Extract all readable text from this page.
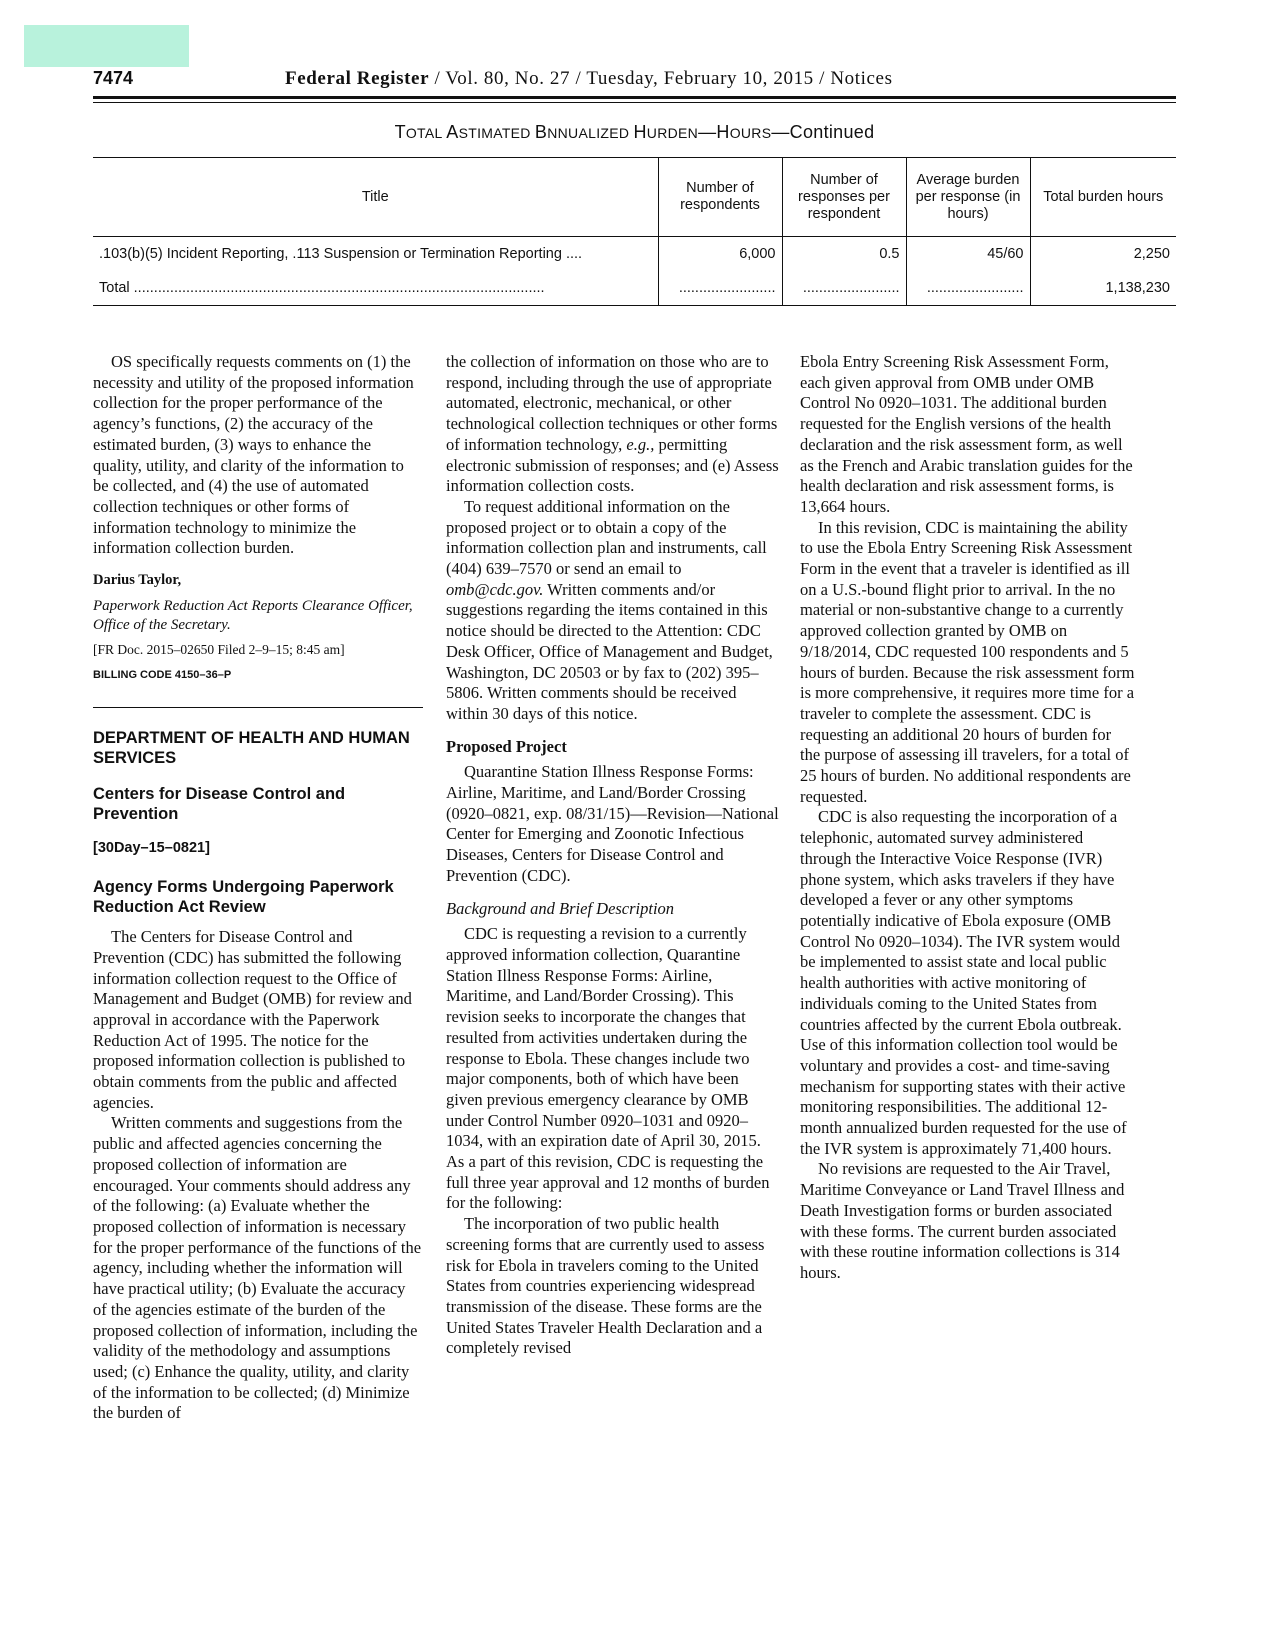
7474	Federal Register / Vol. 80, No. 27 / Tuesday, February 10, 2015 / Notices
TOTAL ASTIMATED BNNUALIZED HURDEN—HOURS—Continued
Title	Number of respondents	Number of responses per respondent	Average burden per response (in hours)	Total burden hours
.103(b)(5) Incident Reporting, .113 Suspension or Termination Reporting ....	6,000	0.5	45/60	2,250
Total ......................................................................................................	........................	........................	........................	1,138,230

OS specifically requests comments on (1) the necessity and utility of the proposed information collection for the proper performance of the agency’s functions, (2) the accuracy of the estimated burden, (3) ways to enhance the quality, utility, and clarity of the information to be collected, and (4) the use of automated collection techniques or other forms of information technology to minimize the information collection burden.

Darius Taylor,
Paperwork Reduction Act Reports Clearance Officer, Office of the Secretary.
[FR Doc. 2015–02650 Filed 2–9–15; 8:45 am]
BILLING CODE 4150–36–P
DEPARTMENT OF HEALTH AND HUMAN SERVICES
Centers for Disease Control and Prevention
[30Day–15–0821]
Agency Forms Undergoing Paperwork Reduction Act Review

The Centers for Disease Control and Prevention (CDC) has submitted the following information collection request to the Office of Management and Budget (OMB) for review and approval in accordance with the Paperwork Reduction Act of 1995. The notice for the proposed information collection is published to obtain comments from the public and affected agencies.

Written comments and suggestions from the public and affected agencies concerning the proposed collection of information are encouraged. Your comments should address any of the following: (a) Evaluate whether the proposed collection of information is necessary for the proper performance of the functions of the agency, including whether the information will have practical utility; (b) Evaluate the accuracy of the agencies estimate of the burden of the proposed collection of information, including the validity of the methodology and assumptions used; (c) Enhance the quality, utility, and clarity of the information to be collected; (d) Minimize the burden of

the collection of information on those who are to respond, including through the use of appropriate automated, electronic, mechanical, or other technological collection techniques or other forms of information technology, e.g., permitting electronic submission of responses; and (e) Assess information collection costs.

To request additional information on the proposed project or to obtain a copy of the information collection plan and instruments, call (404) 639–7570 or send an email to omb@cdc.gov. Written comments and/or suggestions regarding the items contained in this notice should be directed to the Attention: CDC Desk Officer, Office of Management and Budget, Washington, DC 20503 or by fax to (202) 395–5806. Written comments should be received within 30 days of this notice.

Proposed Project

Quarantine Station Illness Response Forms: Airline, Maritime, and Land/Border Crossing (0920–0821, exp. 08/31/15)—Revision—National Center for Emerging and Zoonotic Infectious Diseases, Centers for Disease Control and Prevention (CDC).

Background and Brief Description

CDC is requesting a revision to a currently approved information collection, Quarantine Station Illness Response Forms: Airline, Maritime, and Land/Border Crossing). This revision seeks to incorporate the changes that resulted from activities undertaken during the response to Ebola. These changes include two major components, both of which have been given previous emergency clearance by OMB under Control Number 0920–1031 and 0920–1034, with an expiration date of April 30, 2015. As a part of this revision, CDC is requesting the full three year approval and 12 months of burden for the following:

The incorporation of two public health screening forms that are currently used to assess risk for Ebola in travelers coming to the United States from countries experiencing widespread transmission of the disease. These forms are the United States Traveler Health Declaration and a completely revised

Ebola Entry Screening Risk Assessment Form, each given approval from OMB under OMB Control No 0920–1031. The additional burden requested for the English versions of the health declaration and the risk assessment form, as well as the French and Arabic translation guides for the health declaration and risk assessment forms, is 13,664 hours.

In this revision, CDC is maintaining the ability to use the Ebola Entry Screening Risk Assessment Form in the event that a traveler is identified as ill on a U.S.-bound flight prior to arrival. In the no material or non-substantive change to a currently approved collection granted by OMB on 9/18/2014, CDC requested 100 respondents and 5 hours of burden. Because the risk assessment form is more comprehensive, it requires more time for a traveler to complete the assessment. CDC is requesting an additional 20 hours of burden for the purpose of assessing ill travelers, for a total of 25 hours of burden. No additional respondents are requested.

CDC is also requesting the incorporation of a telephonic, automated survey administered through the Interactive Voice Response (IVR) phone system, which asks travelers if they have developed a fever or any other symptoms potentially indicative of Ebola exposure (OMB Control No 0920–1034). The IVR system would be implemented to assist state and local public health authorities with active monitoring of individuals coming to the United States from countries affected by the current Ebola outbreak. Use of this information collection tool would be voluntary and provides a cost- and time-saving mechanism for supporting states with their active monitoring responsibilities. The additional 12-month annualized burden requested for the use of the IVR system is approximately 71,400 hours.

No revisions are requested to the Air Travel, Maritime Conveyance or Land Travel Illness and Death Investigation forms or burden associated with these forms. The current burden associated with these routine information collections is 314 hours.
